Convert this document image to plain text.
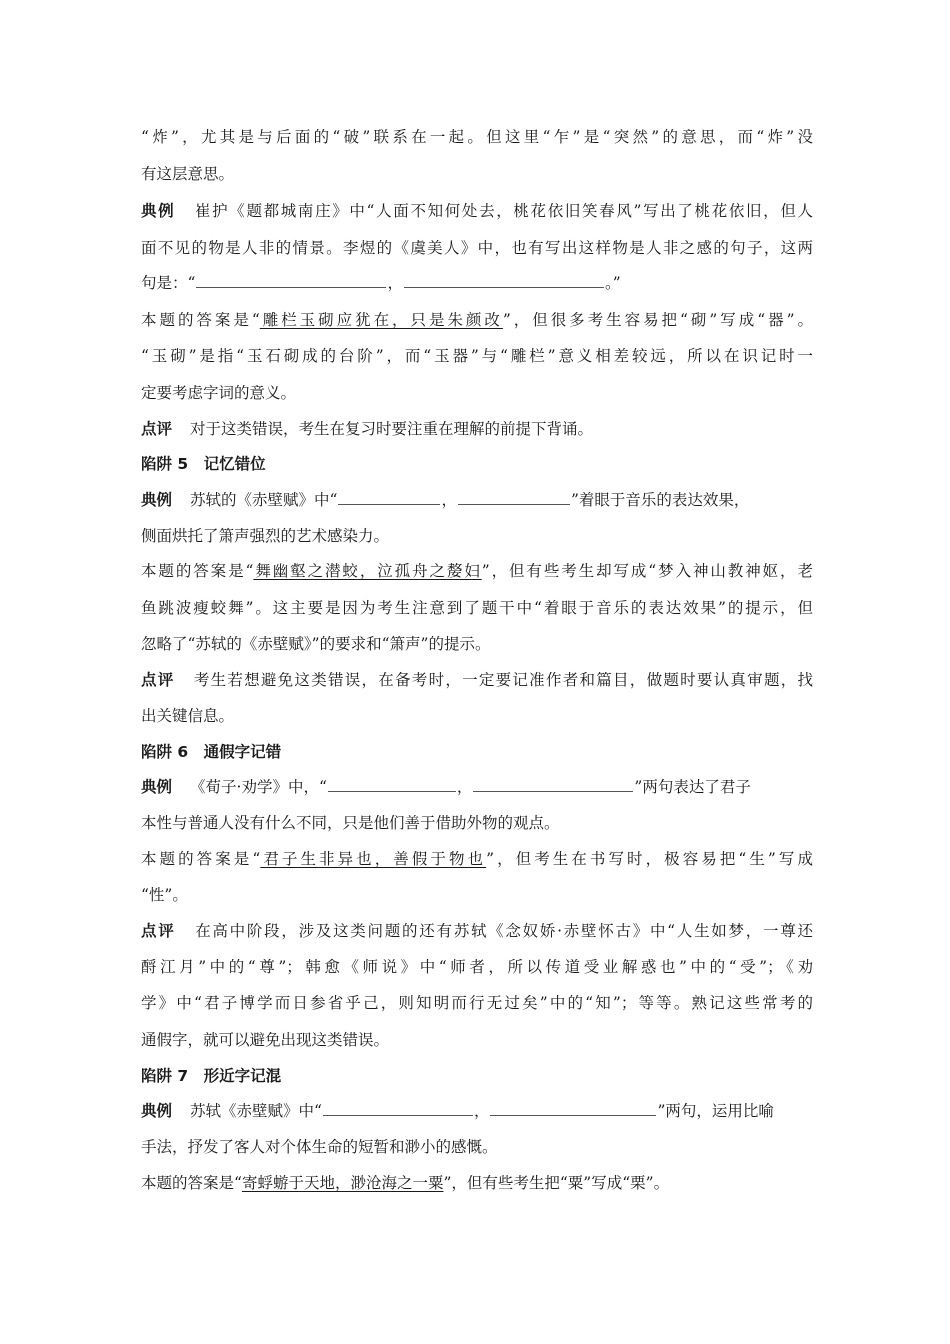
“炸”，尤其是与后面的“破”联系在一起。但这里“乍”是“突然”的意思，而“炸”没
有这层意思。
典例 崔护《题都城南庄》中“人面不知何处去，桃花依旧笑春风”写出了桃花依旧，但人
面不见的物是人非的情景。李煜的《虞美人》中，也有写出这样物是人非之感的句子，这两
句是：“	，	。”
本题的答案是“雕栏玉砌应犹在，只是朱颜改”，但很多考生容易把“砌”写成“器”。
“玉砌”是指“玉石砌成的台阶”，而“玉器”与“雕栏”意义相差较远，所以在识记时一
定要考虑字词的意义。
点评 对于这类错误，考生在复习时要注重在理解的前提下背诵。
陷阱 5　记忆错位
典例 苏轼的《赤壁赋》中“	，	”着眼于音乐的表达效果，
侧面烘托了箫声强烈的艺术感染力。
本题的答案是“舞幽壑之潜蛟，泣孤舟之嫠妇”，但有些考生却写成“梦入神山教神妪，老
鱼跳波瘦蛟舞”。这主要是因为考生注意到了题干中“着眼于音乐的表达效果”的提示，但
忽略了“苏轼的《赤壁赋》”的要求和“箫声”的提示。
点评 考生若想避免这类错误，在备考时，一定要记准作者和篇目，做题时要认真审题，找
出关键信息。
陷阱 6　通假字记错
典例 《荀子·劝学》中，“	，	”两句表达了君子
本性与普通人没有什么不同，只是他们善于借助外物的观点。
本题的答案是“君子生非异也，善假于物也”，但考生在书写时，极容易把“生”写成
“性”。
点评 在高中阶段，涉及这类问题的还有苏轼《念奴娇·赤壁怀古》中“人生如梦，一尊还
酹江月”中的“尊”；韩愈《师说》中“师者，所以传道受业解惑也”中的“受”；《劝
学》中“君子博学而日参省乎己，则知明而行无过矣”中的“知”；等等。熟记这些常考的
通假字，就可以避免出现这类错误。
陷阱 7　形近字记混
典例 苏轼《赤壁赋》中“	，	”两句，运用比喻
手法，抒发了客人对个体生命的短暂和渺小的感慨。
本题的答案是“寄蜉蝣于天地，渺沧海之一粟”，但有些考生把“粟”写成“栗”。
